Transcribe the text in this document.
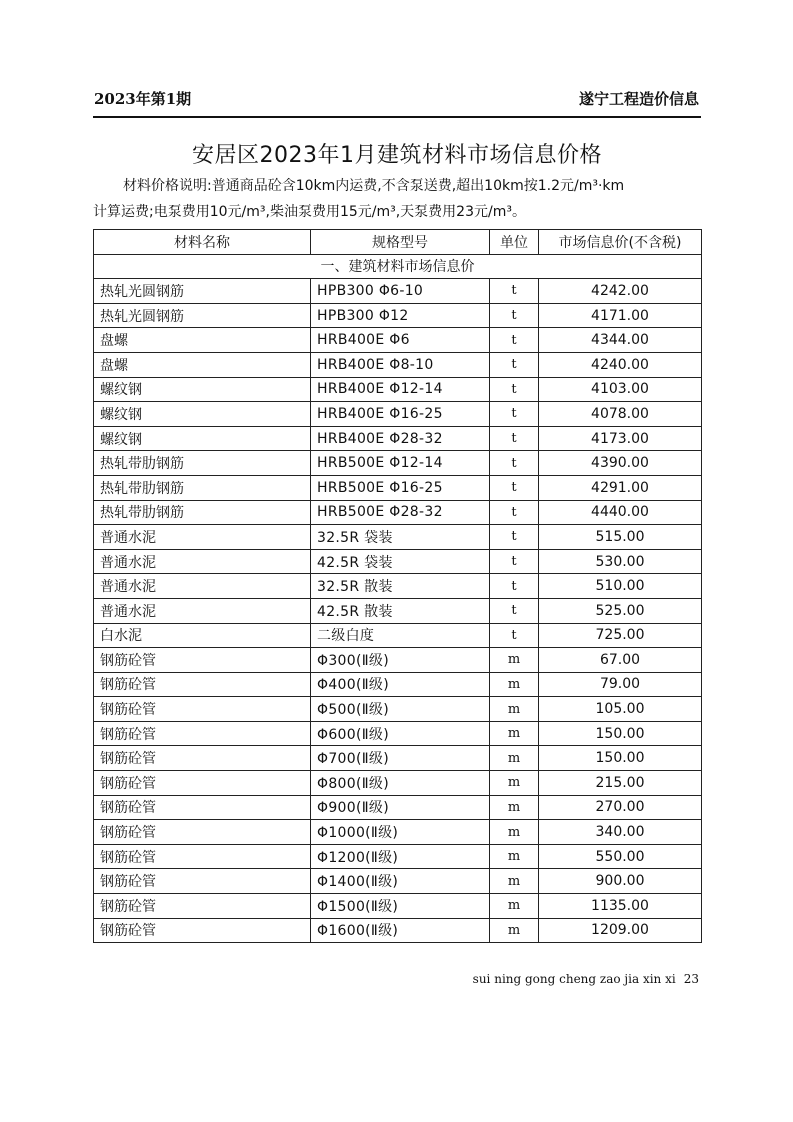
2023年第1期	遂宁工程造价信息
安居区2023年1月建筑材料市场信息价格
材料价格说明:普通商品砼含10km内运费,不含泵送费,超出10km按1.2元/m³·km
计算运费;电泵费用10元/m³,柴油泵费用15元/m³,天泵费用23元/m³。
材料名称	规格型号	单位	市场信息价(不含税)
一、建筑材料市场信息价			
热轧光圆钢筋	HPB300 Φ6-10	t	4242.00
热轧光圆钢筋	HPB300 Φ12	t	4171.00
盘螺	HRB400E Φ6	t	4344.00
盘螺	HRB400E Φ8-10	t	4240.00
螺纹钢	HRB400E Φ12-14	t	4103.00
螺纹钢	HRB400E Φ16-25	t	4078.00
螺纹钢	HRB400E Φ28-32	t	4173.00
热轧带肋钢筋	HRB500E Φ12-14	t	4390.00
热轧带肋钢筋	HRB500E Φ16-25	t	4291.00
热轧带肋钢筋	HRB500E Φ28-32	t	4440.00
普通水泥	32.5R 袋装	t	515.00
普通水泥	42.5R 袋装	t	530.00
普通水泥	32.5R 散装	t	510.00
普通水泥	42.5R 散装	t	525.00
白水泥	二级白度	t	725.00
钢筋砼管	Φ300(Ⅱ级)	m	67.00
钢筋砼管	Φ400(Ⅱ级)	m	79.00
钢筋砼管	Φ500(Ⅱ级)	m	105.00
钢筋砼管	Φ600(Ⅱ级)	m	150.00
钢筋砼管	Φ700(Ⅱ级)	m	150.00
钢筋砼管	Φ800(Ⅱ级)	m	215.00
钢筋砼管	Φ900(Ⅱ级)	m	270.00
钢筋砼管	Φ1000(Ⅱ级)	m	340.00
钢筋砼管	Φ1200(Ⅱ级)	m	550.00
钢筋砼管	Φ1400(Ⅱ级)	m	900.00
钢筋砼管	Φ1500(Ⅱ级)	m	1135.00
钢筋砼管	Φ1600(Ⅱ级)	m	1209.00
sui ning gong cheng zao jia xin xi 23
